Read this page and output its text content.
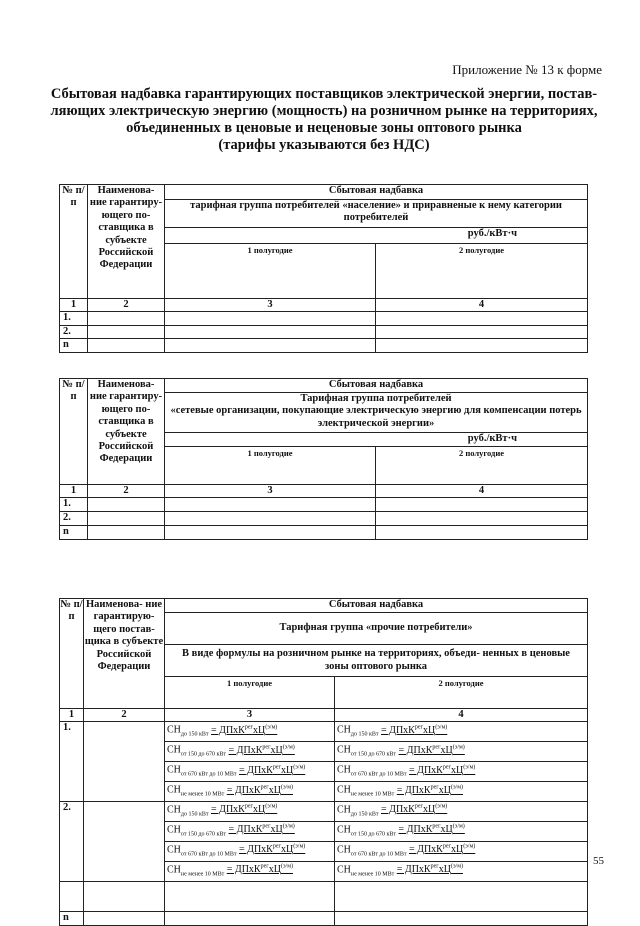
Приложение № 13 к форме
Сбытовая надбавка гарантирующих поставщиков электрической энергии, постав-
ляющих электрическую энергию (мощность) на розничном рынке на территориях,
объединенных в ценовые и неценовые зоны оптового рынка
(тарифы указываются без НДС)
№ п/п	Наименова- ние гарантиру- ющего по- ставщика в субъекте Российской Федерации	Сбытовая надбавка	
		тарифная группа потребителей «население» и приравненые к нему категории потребителей	
		руб./кВт·ч	
		1 полугодие	2 полугодие
1	2	3	4
1.			
2.			
n			
№ п/п	Наименова- ние гарантиру- ющего по- ставщика в субъекте Российской Федерации	Сбытовая надбавка	

		Тарифная группа потребителей
«сетевые организации, покупающие электрическую энергию для компенсации потерь электрической энергии»	

		руб./кВт·ч	
		1 полугодие	2 полугодие
1	2	3	4
1.			
2.			
n			
№ п/ п	Наименова- ние гарантирую- щего постав- щика в субъекте Российской Федерации	Сбытовая надбавка	
		Тарифная группа «прочие потребители»	
		В виде формулы на розничном рынке на территориях, объеди- ненных в ценовые зоны оптового рынка	
		1 полугодие	2 полугодие
1	2	3	4
1.		$СН_{до 150 кВт}$ = $ДПхК^{рег}хЦ^{(э/м)}$	$СН_{до 150 кВт}$ = $ДПхК^{рег}хЦ^{(э/м)}$
		$СН_{от 150 до 670 кВт}$ = $ДПхК^{рег}хЦ^{(э/м)}$	$СН_{от 150 до 670 кВт}$ = $ДПхК^{рег}хЦ^{(э/м)}$
		$СН_{от 670 кВт до 10 МВт}$ = $ДПхК^{рег}хЦ^{(э/м)}$	$СН_{от 670 кВт до 10 МВт}$ = $ДПхК^{рег}хЦ^{(э/м)}$
		$СН_{не менее 10 МВт}$ = $ДПхК^{рег}хЦ^{(э/м)}$	$СН_{не менее 10 МВт}$ = $ДПхК^{рег}хЦ^{(э/м)}$
2.		$СН_{до 150 кВт}$ = $ДПхК^{рег}хЦ^{(э/м)}$	$СН_{до 150 кВт}$ = $ДПхК^{рег}хЦ^{(э/м)}$
		$СН_{от 150 до 670 кВт}$ = $ДПхК^{рег}хЦ^{(э/м)}$	$СН_{от 150 до 670 кВт}$ = $ДПхК^{рег}хЦ^{(э/м)}$
		$СН_{от 670 кВт до 10 МВт}$ = $ДПхК^{рег}хЦ^{(э/м)}$	$СН_{от 670 кВт до 10 МВт}$ = $ДПхК^{рег}хЦ^{(э/м)}$
		$СН_{не менее 10 МВт}$ = $ДПхК^{рег}хЦ^{(э/м)}$	$СН_{не менее 10 МВт}$ = $ДПхК^{рег}хЦ^{(э/м)}$

n			
55
